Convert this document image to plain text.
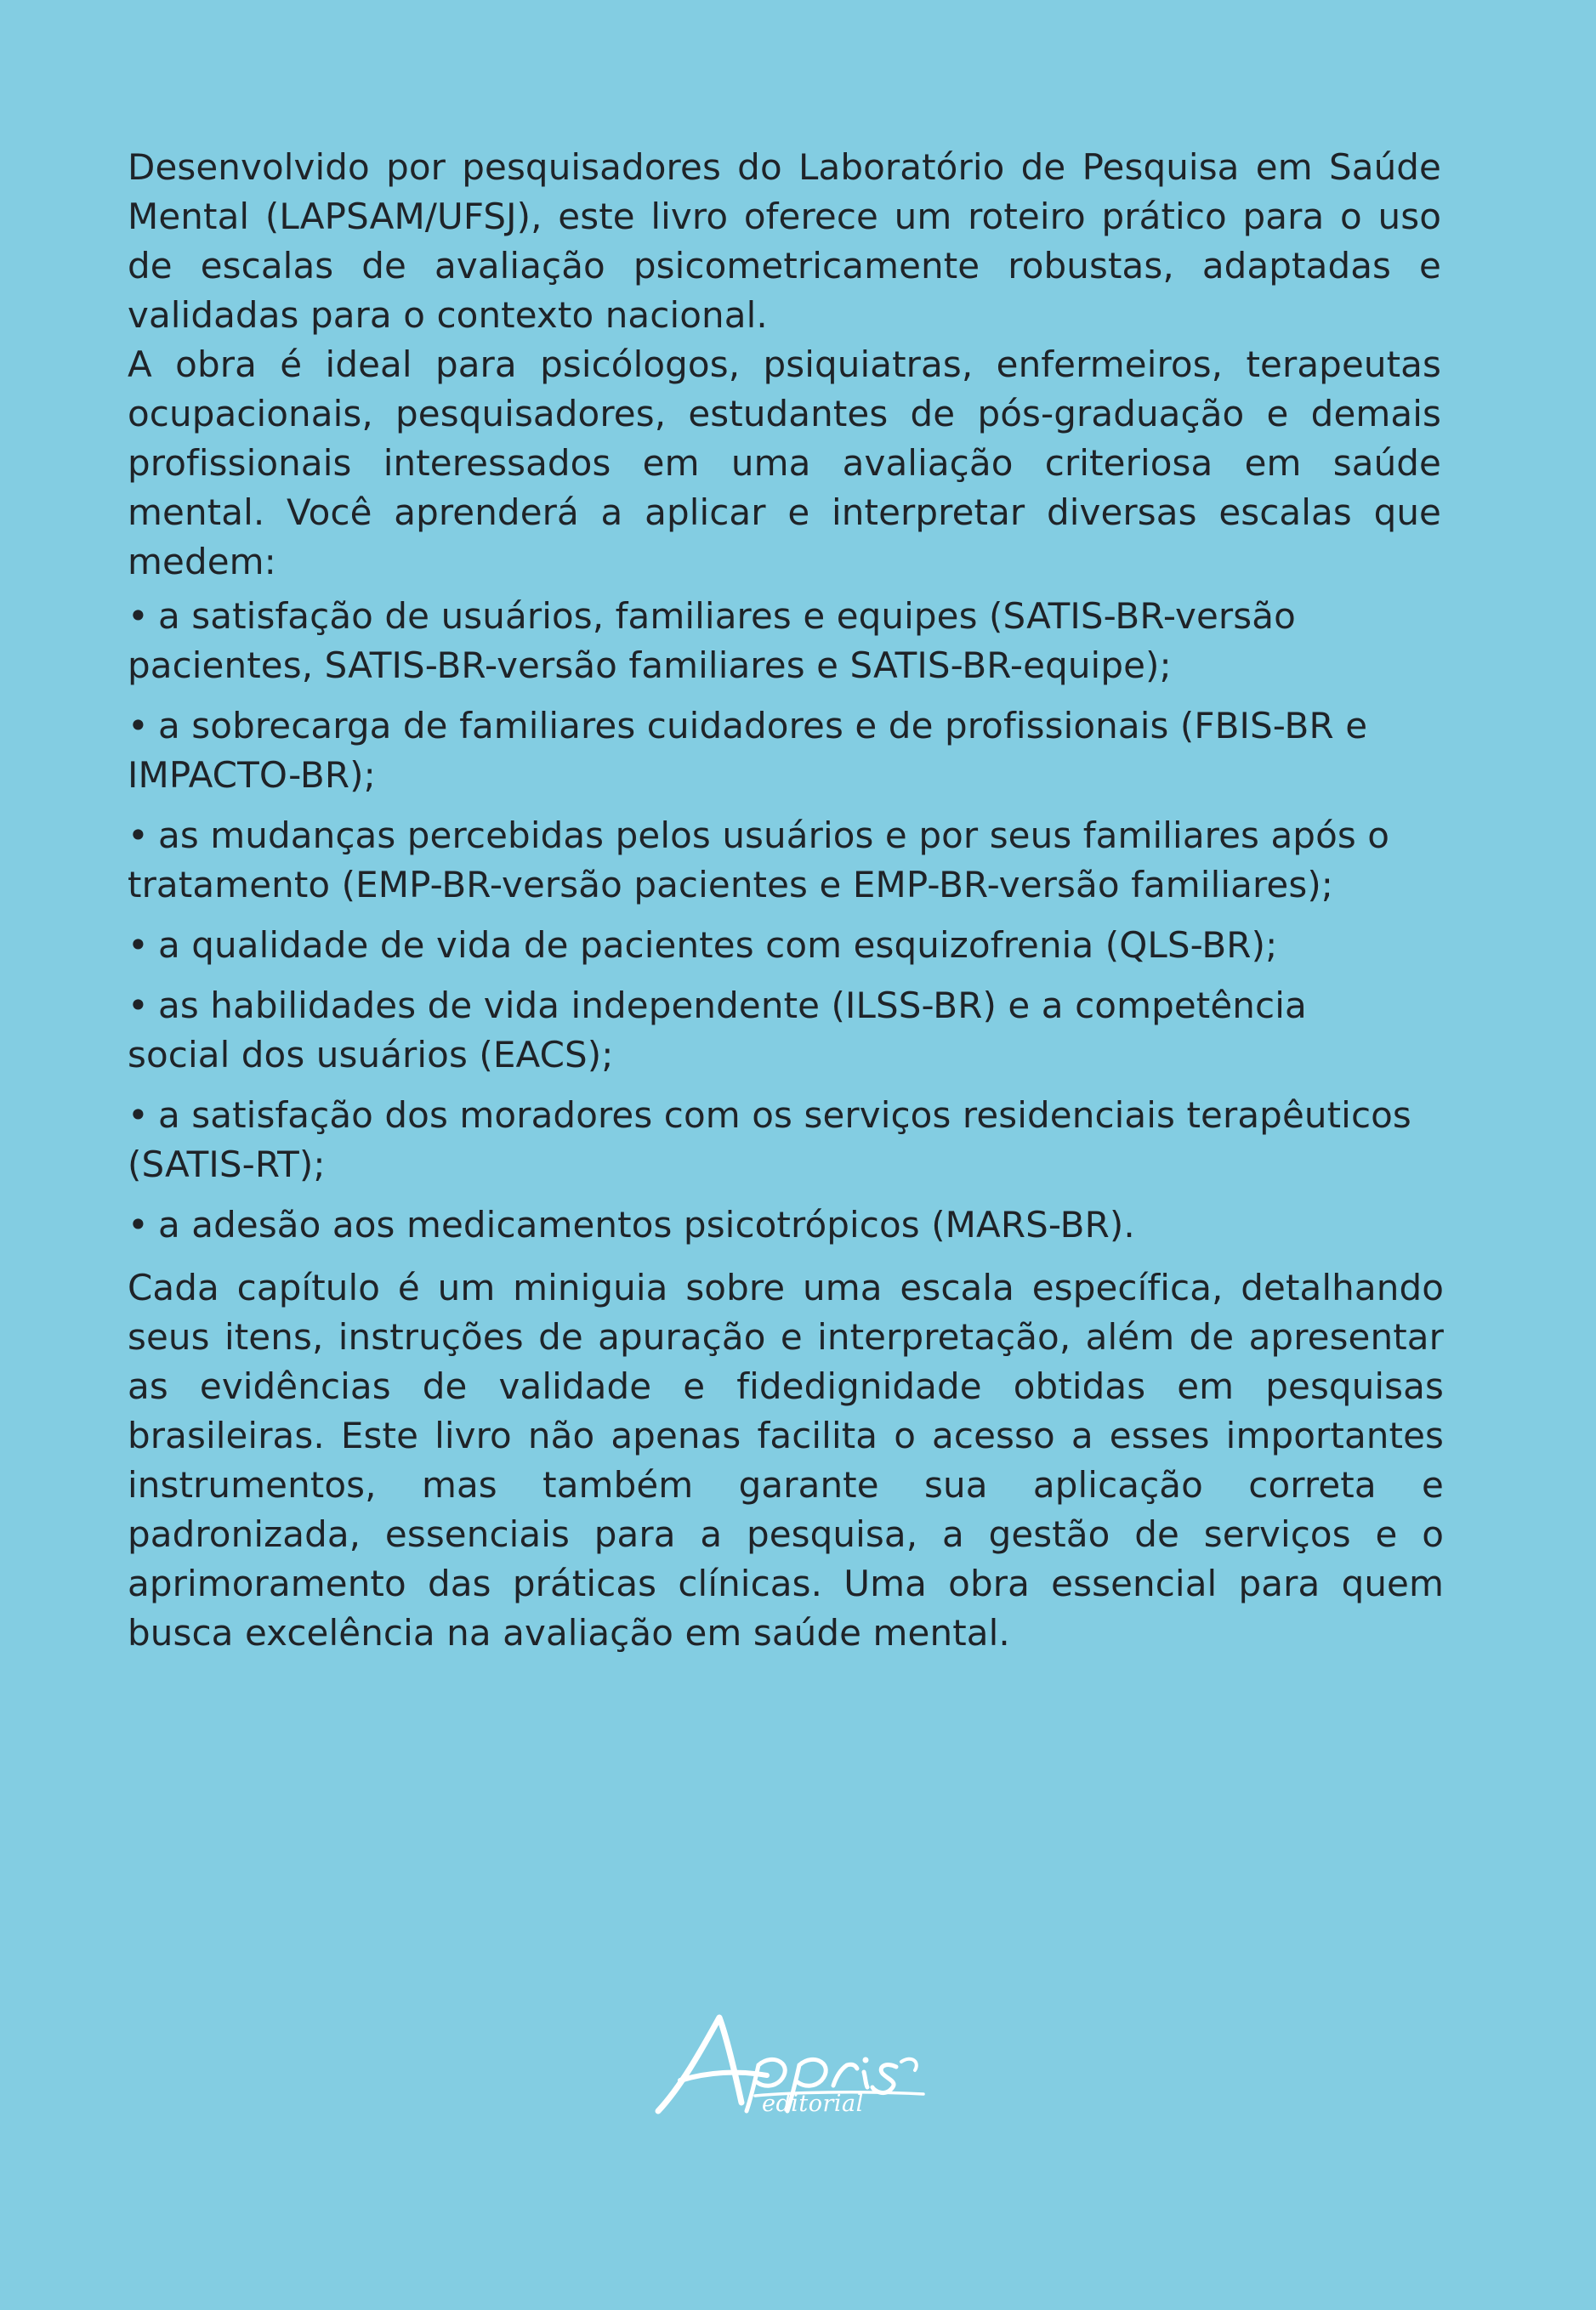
Desenvolvido por pesquisadores do Laboratório de Pesquisa em Saúde Mental (LAPSAM/UFSJ), este livro oferece um roteiro prático para o uso de escalas de avaliação psicometricamente robustas, adaptadas e validadas para o contexto nacional.

A obra é ideal para psicólogos, psiquiatras, enfermeiros, terapeutas ocupacionais, pesquisadores, estudantes de pós-graduação e demais profissionais interessados em uma avaliação criteriosa em saúde mental. Você aprenderá a aplicar e interpretar diversas escalas que medem:

• a satisfação de usuários, familiares e equipes (SATIS-BR-versão pacientes, SATIS-BR-versão familiares e SATIS-BR-equipe);
• a sobrecarga de familiares cuidadores e de profissionais (FBIS-BR e IMPACTO-BR);
• as mudanças percebidas pelos usuários e por seus familiares após o tratamento (EMP-BR-versão pacientes e EMP-BR-versão familiares);
• a qualidade de vida de pacientes com esquizofrenia (QLS-BR);
• as habilidades de vida independente (ILSS-BR) e a competência social dos usuários (EACS);
• a satisfação dos moradores com os serviços residenciais terapêuticos (SATIS-RT);
• a adesão aos medicamentos psicotrópicos (MARS-BR).

Cada capítulo é um miniguia sobre uma escala específica, detalhando seus itens, instruções de apuração e interpretação, além de apresentar as evidências de validade e fidedignidade obtidas em pesquisas brasileiras. Este livro não apenas facilita o acesso a esses importantes instrumentos, mas também garante sua aplicação correta e padronizada, essenciais para a pesquisa, a gestão de serviços e o aprimoramento das práticas clínicas. Uma obra essencial para quem busca excelência na avaliação em saúde mental.

editorial
